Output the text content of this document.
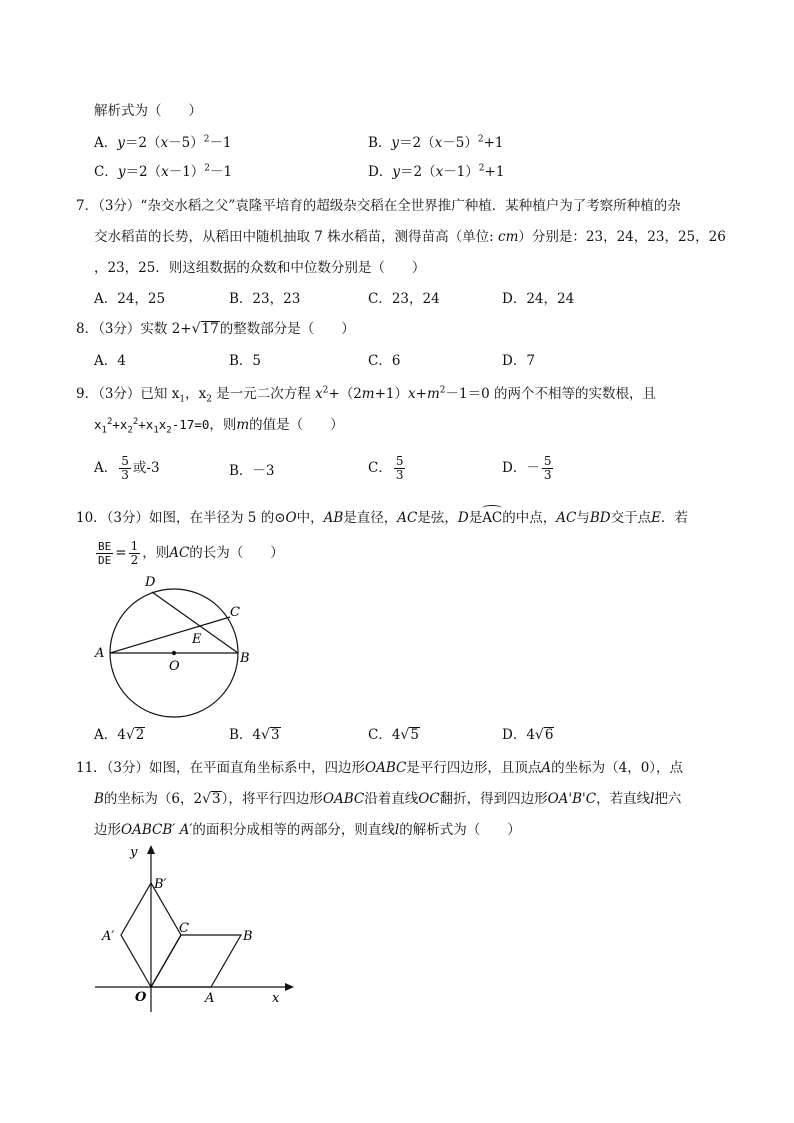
解析式为（　　）
A．$y=2(x-5)^2-1$	B．$y=2(x-5)^2+1$
C．$y=2(x-1)^2-1$	D．$y=2(x-1)^2+1$
7．（3分）“杂交水稻之父”袁隆平培育的超级杂交稻在全世界推广种植．某种植户为了考察所种植的杂
交水稻苗的长势，从稻田中随机抽取 7 株水稻苗，测得苗高（单位: cm）分别是：23，24，23，25，26
，23，25．则这组数据的众数和中位数分别是（　　）
A．24，25	B．23，23	C．23，24	D．24，24
8．（3分）实数 2+ √ 17 的整数部分是（　　）
A．4	B．5	C．6	D．7
9．（3分）已知 $x_1$，$x_2$ 是一元二次方程 $x^2+(2m+1)x+m^2-1=0$ 的两个不相等的实数根，且
$x_1^2+x_2^2+x_1x_2-17=0$，则m的值是（　　）
A． $\frac{5}{3}$ 或-3	B．－3	C． $\frac{5}{3}$	D．－ $\frac{5}{3}$
10．（3分）如图，在半径为 5 的⊙O中，AB是直径，AC是弦，D是AC的中点，AC与BD交于点E．若
$\frac{BE}{DE} = \frac{1}{2}$ ，则AC的长为（　　）
A	B
C
D
E
O
A．4 √ 2	B．4 √ 3	C．4 √ 5	D．4 √ 6
11．（3分）如图，在平面直角坐标系中，四边形OABC是平行四边形，且顶点A的坐标为（4，0），点
B的坐标为（6，2 √ 3 ），将平行四边形OABC沿着直线OC翻折，得到四边形OA'B'C，若直线l把六
边形OABCB′ A′的面积分成相等的两部分，则直线l的解析式为（　　）
y
x
O	A
B
C
A′
B′
